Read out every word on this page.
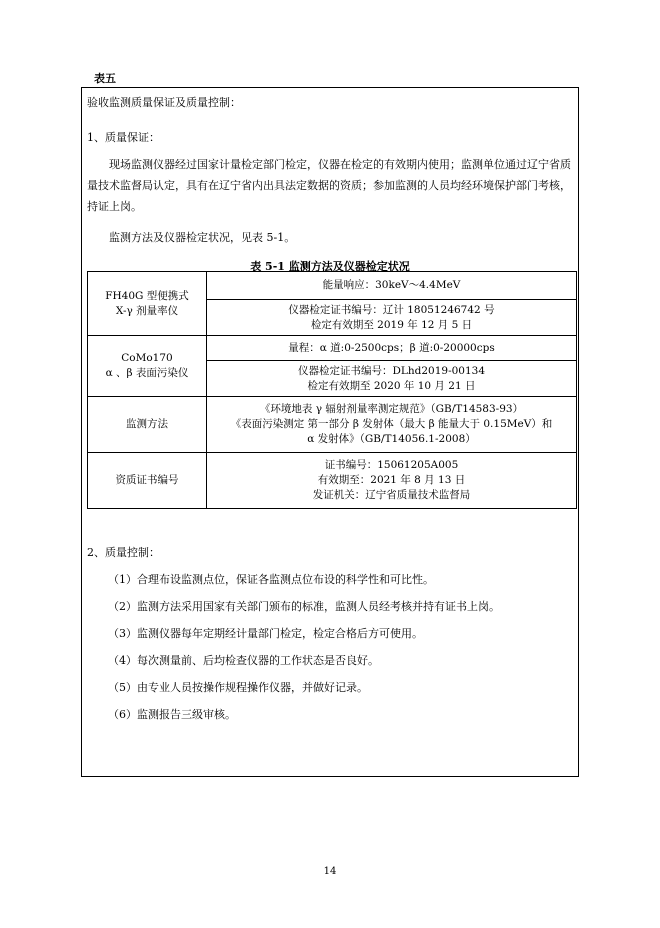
表五
验收监测质量保证及质量控制：
1、质量保证：
现场监测仪器经过国家计量检定部门检定，仪器在检定的有效期内使用；监测单位通过辽宁省质量技术监督局认定，具有在辽宁省内出具法定数据的资质；参加监测的人员均经环境保护部门考核，持证上岗。
监测方法及仪器检定状况，见表 5-1。
表 5-1 监测方法及仪器检定状况
FH40G 型便携式
X-γ 剂量率仪	能量响应：30keV～4.4MeV

	仪器检定证书编号：辽计 18051246742 号
检定有效期至 2019 年 12 月 5 日

CoMo170
α 、β 表面污染仪	量程：α 道:0-2500cps；β 道:0-20000cps

	仪器检定证书编号：DLhd2019-00134
检定有效期至 2020 年 10 月 21 日

监测方法	《环境地表 γ 辐射剂量率测定规范》（GB/T14583-93）
《表面污染测定 第一部分 β 发射体（最大 β 能量大于 0.15MeV）和
α 发射体》（GB/T14056.1-2008）

资质证书编号	证书编号：15061205A005
有效期至：2021 年 8 月 13 日
发证机关：辽宁省质量技术监督局
2、质量控制：
（1）合理布设监测点位，保证各监测点位布设的科学性和可比性。
（2）监测方法采用国家有关部门颁布的标准，监测人员经考核并持有证书上岗。
（3）监测仪器每年定期经计量部门检定，检定合格后方可使用。
（4）每次测量前、后均检查仪器的工作状态是否良好。
（5）由专业人员按操作规程操作仪器，并做好记录。
（6）监测报告三级审核。
14
